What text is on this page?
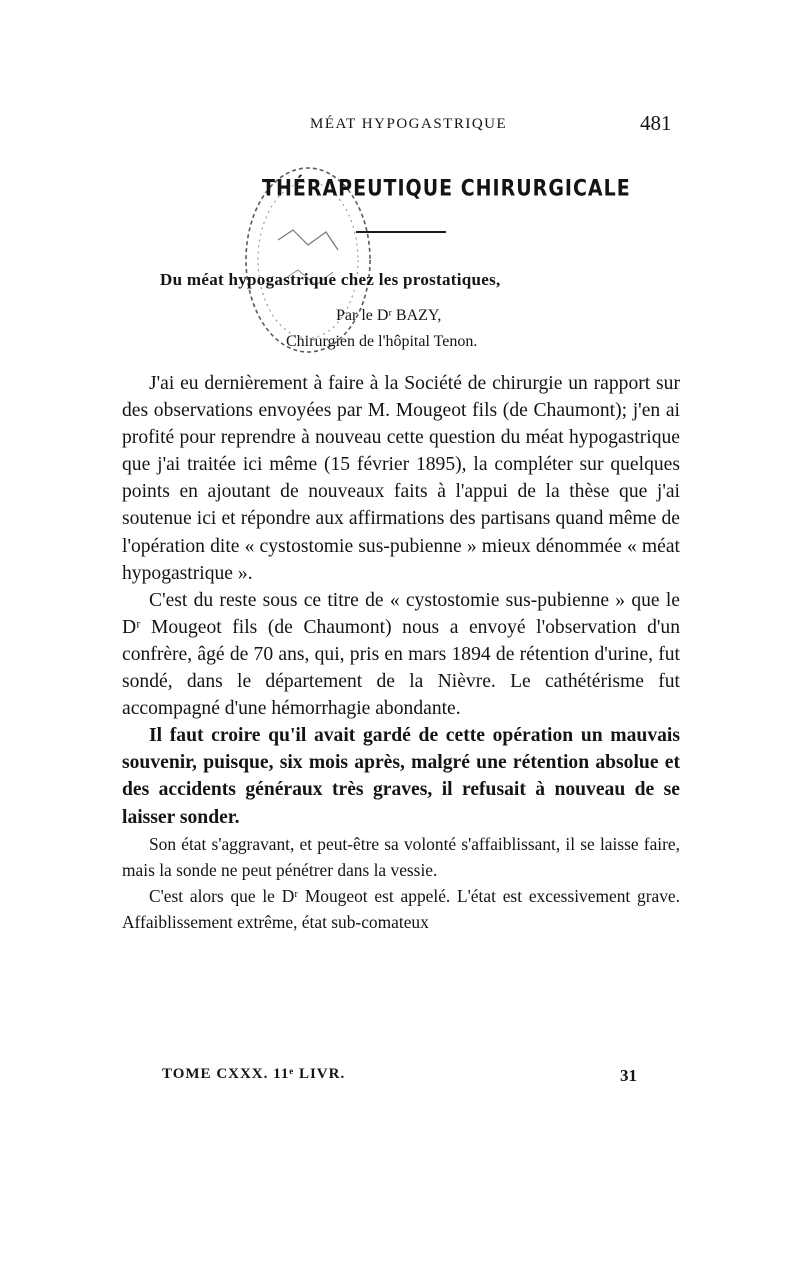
MÉAT HYPOGASTRIQUE	481
THÉRAPEUTIQUE CHIRURGICALE
Du méat hypogastrique chez les prostatiques,
Par le Dʳ BAZY,
Chirurgien de l'hôpital Tenon.

J'ai eu dernièrement à faire à la Société de chirurgie un rapport sur des observations envoyées par M. Mougeot fils (de Chaumont); j'en ai profité pour reprendre à nouveau cette question du méat hypogastrique que j'ai traitée ici même (15 février 1895), la compléter sur quelques points en ajoutant de nouveaux faits à l'appui de la thèse que j'ai soutenue ici et répondre aux affirmations des partisans quand même de l'opération dite « cystostomie sus-pubienne » mieux dénommée « méat hypogastrique ».

C'est du reste sous ce titre de « cystostomie sus-pubienne » que le Dʳ Mougeot fils (de Chaumont) nous a envoyé l'observation d'un confrère, âgé de 70 ans, qui, pris en mars 1894 de rétention d'urine, fut sondé, dans le département de la Nièvre. Le cathétérisme fut accompagné d'une hémorrhagie abondante.

Il faut croire qu'il avait gardé de cette opération un mauvais souvenir, puisque, six mois après, malgré une rétention absolue et des accidents généraux très graves, il refusait à nouveau de se laisser sonder.

Son état s'aggravant, et peut-être sa volonté s'affaiblissant, il se laisse faire, mais la sonde ne peut pénétrer dans la vessie.

C'est alors que le Dʳ Mougeot est appelé. L'état est excessivement grave. Affaiblissement extrême, état sub-comateux

TOME CXXX. 11ᵉ LIVR.	31
